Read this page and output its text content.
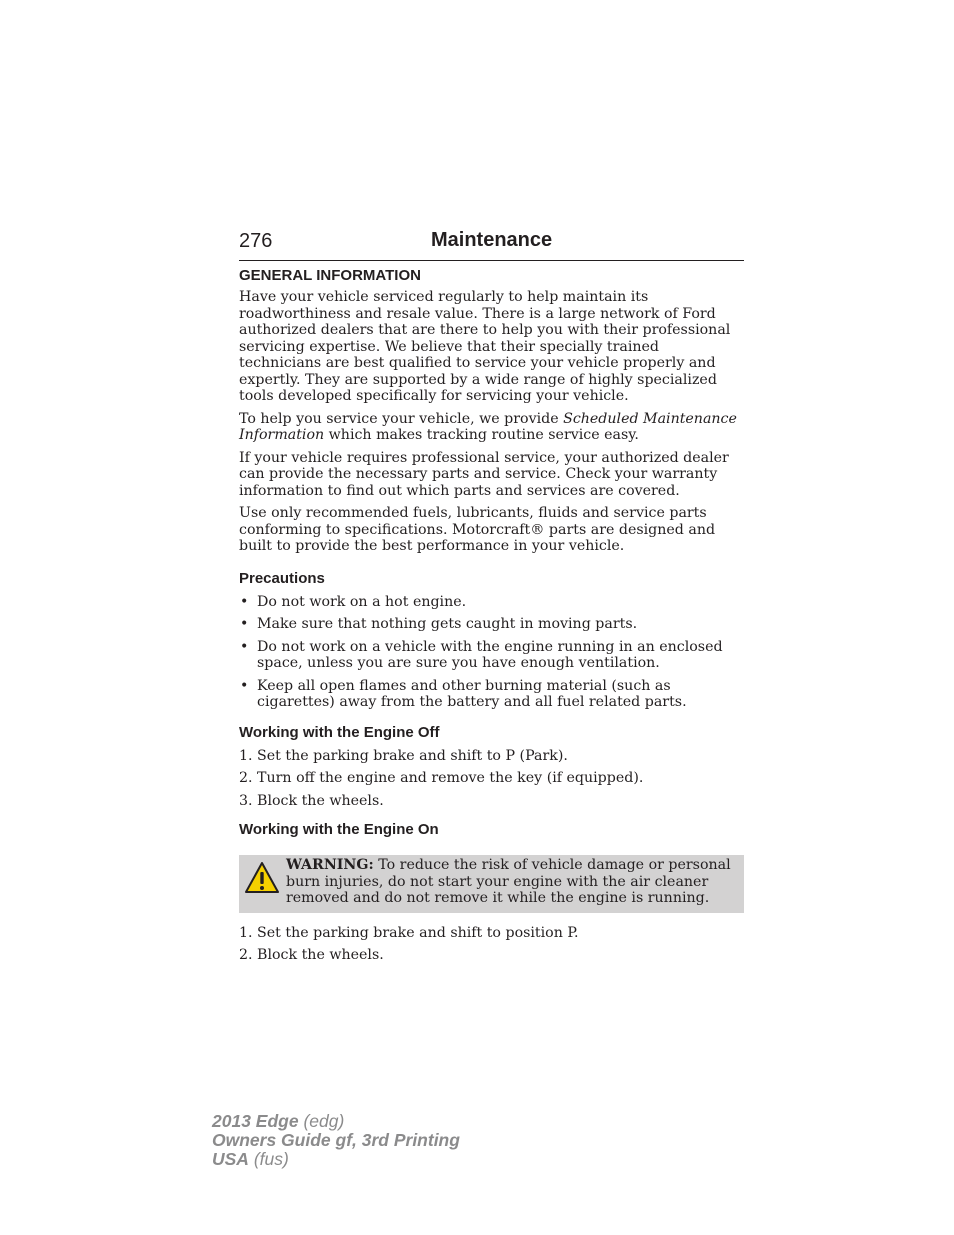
276	Maintenance
GENERAL INFORMATION

Have your vehicle serviced regularly to help maintain its roadworthiness and resale value. There is a large network of Ford authorized dealers that are there to help you with their professional servicing expertise. We believe that their specially trained technicians are best qualified to service your vehicle properly and expertly. They are supported by a wide range of highly specialized tools developed specifically for servicing your vehicle.

To help you service your vehicle, we provide Scheduled Maintenance Information which makes tracking routine service easy.

If your vehicle requires professional service, your authorized dealer can provide the necessary parts and service. Check your warranty information to find out which parts and services are covered.

Use only recommended fuels, lubricants, fluids and service parts conforming to specifications. Motorcraft® parts are designed and built to provide the best performance in your vehicle.

Precautions
• Do not work on a hot engine.
• Make sure that nothing gets caught in moving parts.
• Do not work on a vehicle with the engine running in an enclosed space, unless you are sure you have enough ventilation.
• Keep all open flames and other burning material (such as cigarettes) away from the battery and all fuel related parts.
Working with the Engine Off
1. Set the parking brake and shift to P (Park).
2. Turn off the engine and remove the key (if equipped).
3. Block the wheels.
Working with the Engine On
WARNING: To reduce the risk of vehicle damage or personal burn injuries, do not start your engine with the air cleaner removed and do not remove it while the engine is running.
1. Set the parking brake and shift to position P.
2. Block the wheels.
2013 Edge (edg)
Owners Guide gf, 3rd Printing
USA (fus)
